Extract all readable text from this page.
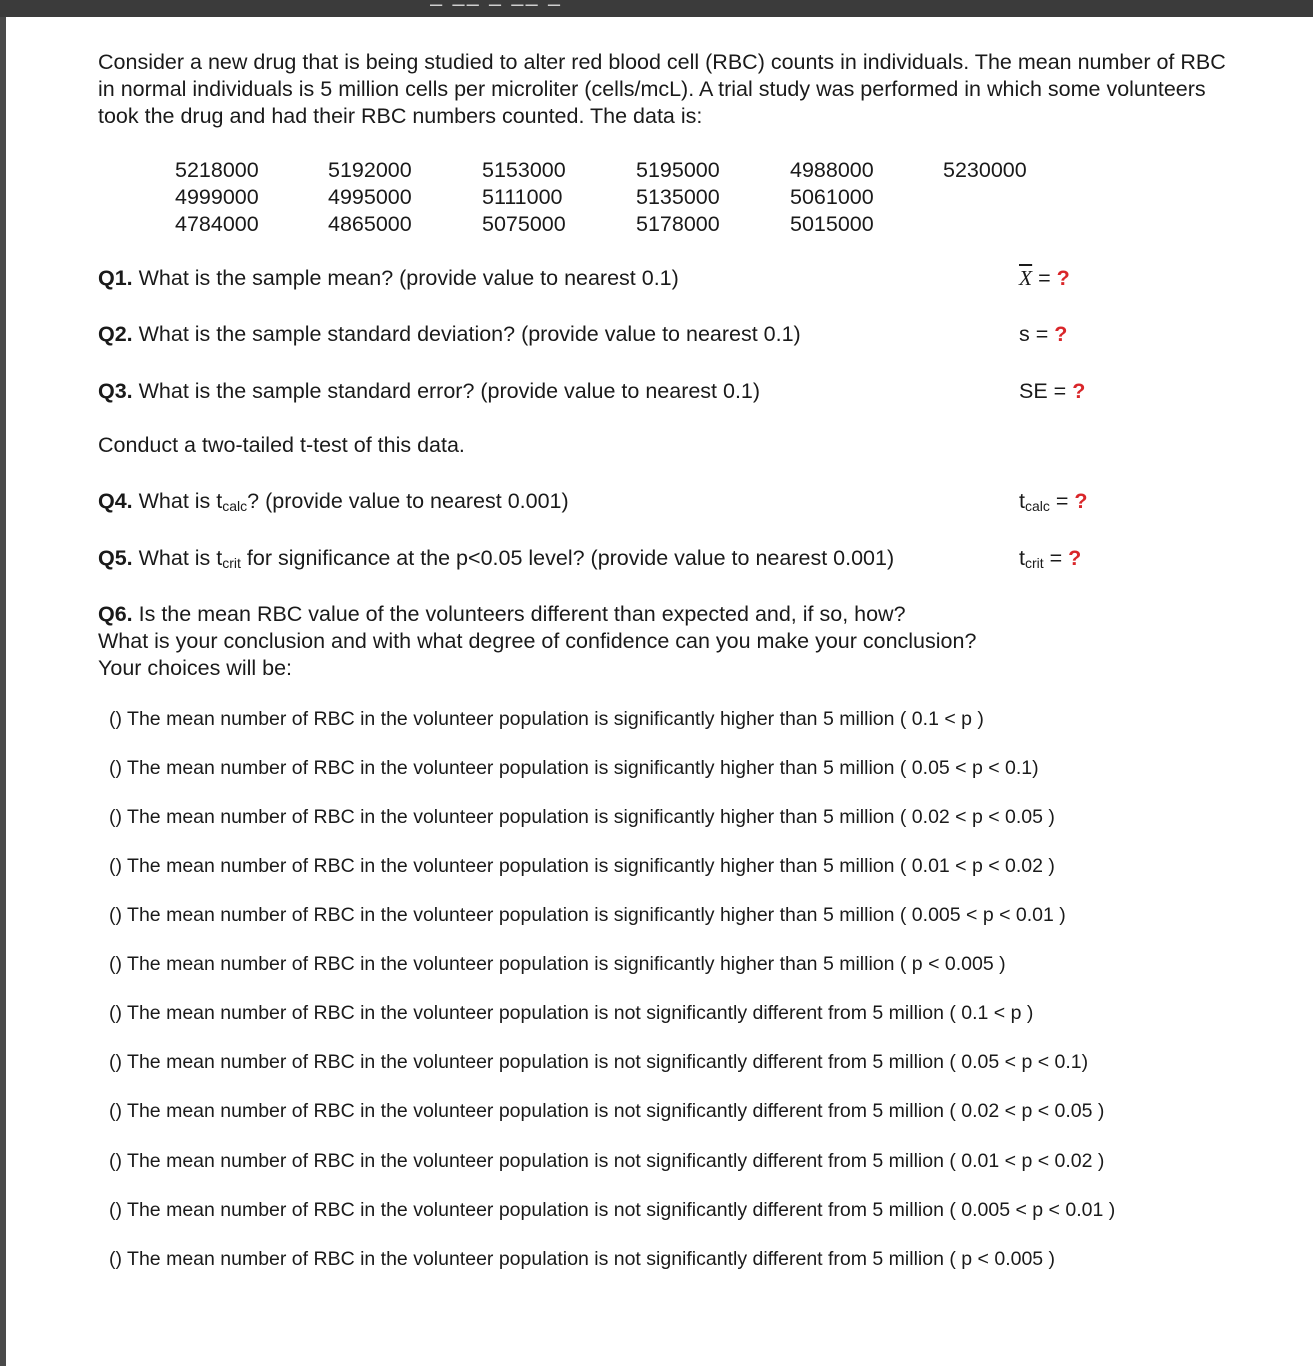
– –– – –– –

Consider a new drug that is being studied to alter red blood cell (RBC) counts in individuals. The mean number of RBC in normal individuals is 5 million cells per microliter (cells/mcL). A trial study was performed in which some volunteers took the drug and had their RBC numbers counted. The data is:

5218000	5192000	5153000	5195000	4988000	5230000
4999000	4995000	5111000	5135000	5061000
4784000	4865000	5075000	5178000	5015000
Q1. What is the sample mean? (provide value to nearest 0.1)	$\overline{X}$ = ?
Q2. What is the sample standard deviation? (provide value to nearest 0.1)	s = ?
Q3. What is the sample standard error? (provide value to nearest 0.1)	SE = ?
Conduct a two-tailed t-test of this data.
Q4. What is $t_{calc}$? (provide value to nearest 0.001)	$t_{calc}$ = ?
Q5. What is $t_{crit}$ for significance at the p<0.05 level? (provide value to nearest 0.001)	$t_{crit}$ = ?

Q6. Is the mean RBC value of the volunteers different than expected and, if so, how?

What is your conclusion and with what degree of confidence can you make your conclusion?

Your choices will be:

() The mean number of RBC in the volunteer population is significantly higher than 5 million ( 0.1 < p )
() The mean number of RBC in the volunteer population is significantly higher than 5 million ( 0.05 < p < 0.1)
() The mean number of RBC in the volunteer population is significantly higher than 5 million ( 0.02 < p < 0.05 )
() The mean number of RBC in the volunteer population is significantly higher than 5 million ( 0.01 < p < 0.02 )
() The mean number of RBC in the volunteer population is significantly higher than 5 million ( 0.005 < p < 0.01 )
() The mean number of RBC in the volunteer population is significantly higher than 5 million ( p < 0.005 )
() The mean number of RBC in the volunteer population is not significantly different from 5 million ( 0.1 < p )
() The mean number of RBC in the volunteer population is not significantly different from 5 million ( 0.05 < p < 0.1)
() The mean number of RBC in the volunteer population is not significantly different from 5 million ( 0.02 < p < 0.05 )
() The mean number of RBC in the volunteer population is not significantly different from 5 million ( 0.01 < p < 0.02 )
() The mean number of RBC in the volunteer population is not significantly different from 5 million ( 0.005 < p < 0.01 )
() The mean number of RBC in the volunteer population is not significantly different from 5 million ( p < 0.005 )
